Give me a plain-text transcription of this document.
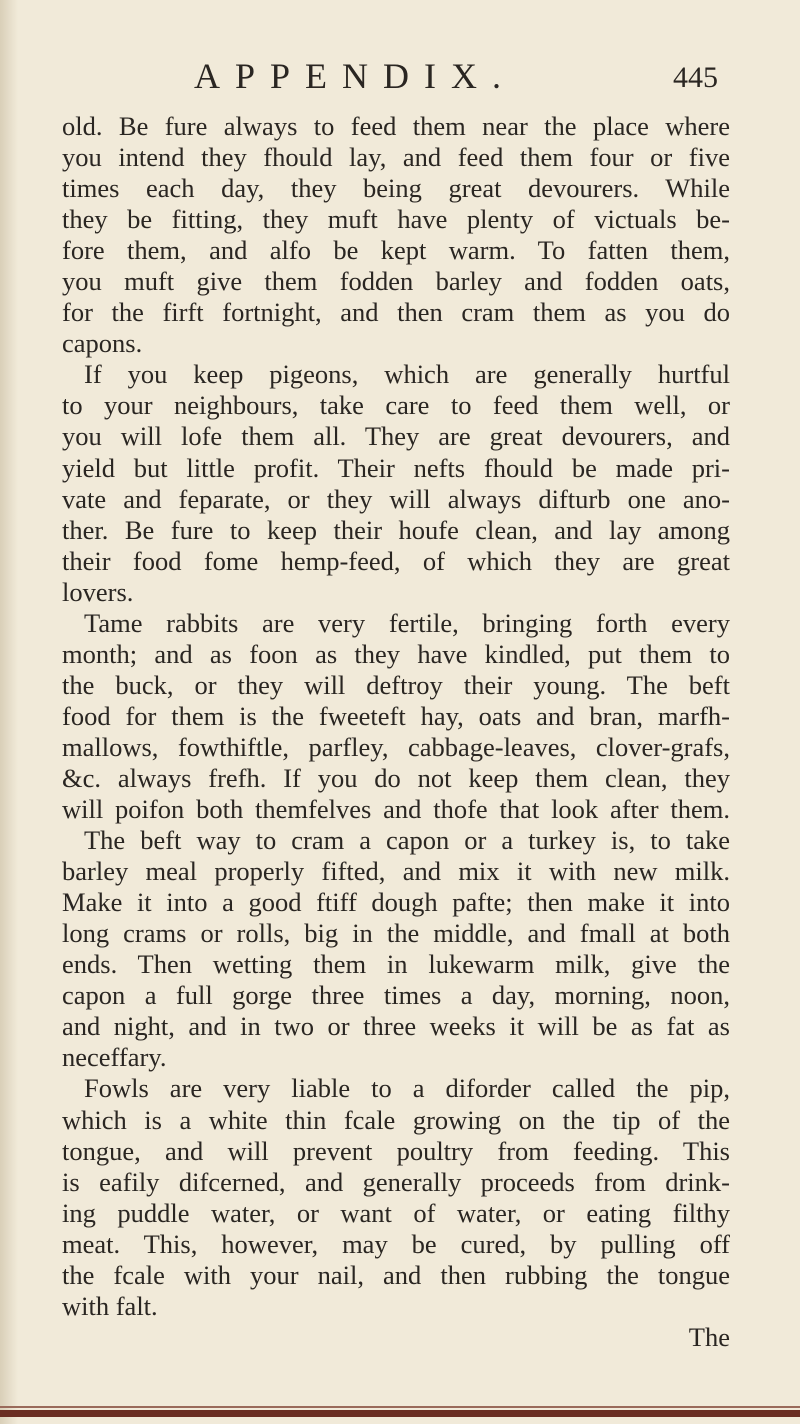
APPENDIX.	445
old. Be fure always to feed them near the place where
you intend they fhould lay, and feed them four or five
times each day, they being great devourers. While
they be fitting, they muft have plenty of victuals be-
fore them, and alfo be kept warm. To fatten them,
you muft give them fodden barley and fodden oats,
for the firft fortnight, and then cram them as you do
capons.
If you keep pigeons, which are generally hurtful
to your neighbours, take care to feed them well, or
you will lofe them all. They are great devourers, and
yield but little profit. Their nefts fhould be made pri-
vate and feparate, or they will always difturb one ano-
ther. Be fure to keep their houfe clean, and lay among
their food fome hemp-feed, of which they are great
lovers.
Tame rabbits are very fertile, bringing forth every
month; and as foon as they have kindled, put them to
the buck, or they will deftroy their young. The beft
food for them is the fweeteft hay, oats and bran, marfh-
mallows, fowthiftle, parfley, cabbage-leaves, clover-grafs,
&c. always frefh. If you do not keep them clean, they
will poifon both themfelves and thofe that look after them.
The beft way to cram a capon or a turkey is, to take
barley meal properly fifted, and mix it with new milk.
Make it into a good ftiff dough pafte; then make it into
long crams or rolls, big in the middle, and fmall at both
ends. Then wetting them in lukewarm milk, give the
capon a full gorge three times a day, morning, noon,
and night, and in two or three weeks it will be as fat as
neceffary.
Fowls are very liable to a diforder called the pip,
which is a white thin fcale growing on the tip of the
tongue, and will prevent poultry from feeding. This
is eafily difcerned, and generally proceeds from drink-
ing puddle water, or want of water, or eating filthy
meat. This, however, may be cured, by pulling off
the fcale with your nail, and then rubbing the tongue
with falt.
The
